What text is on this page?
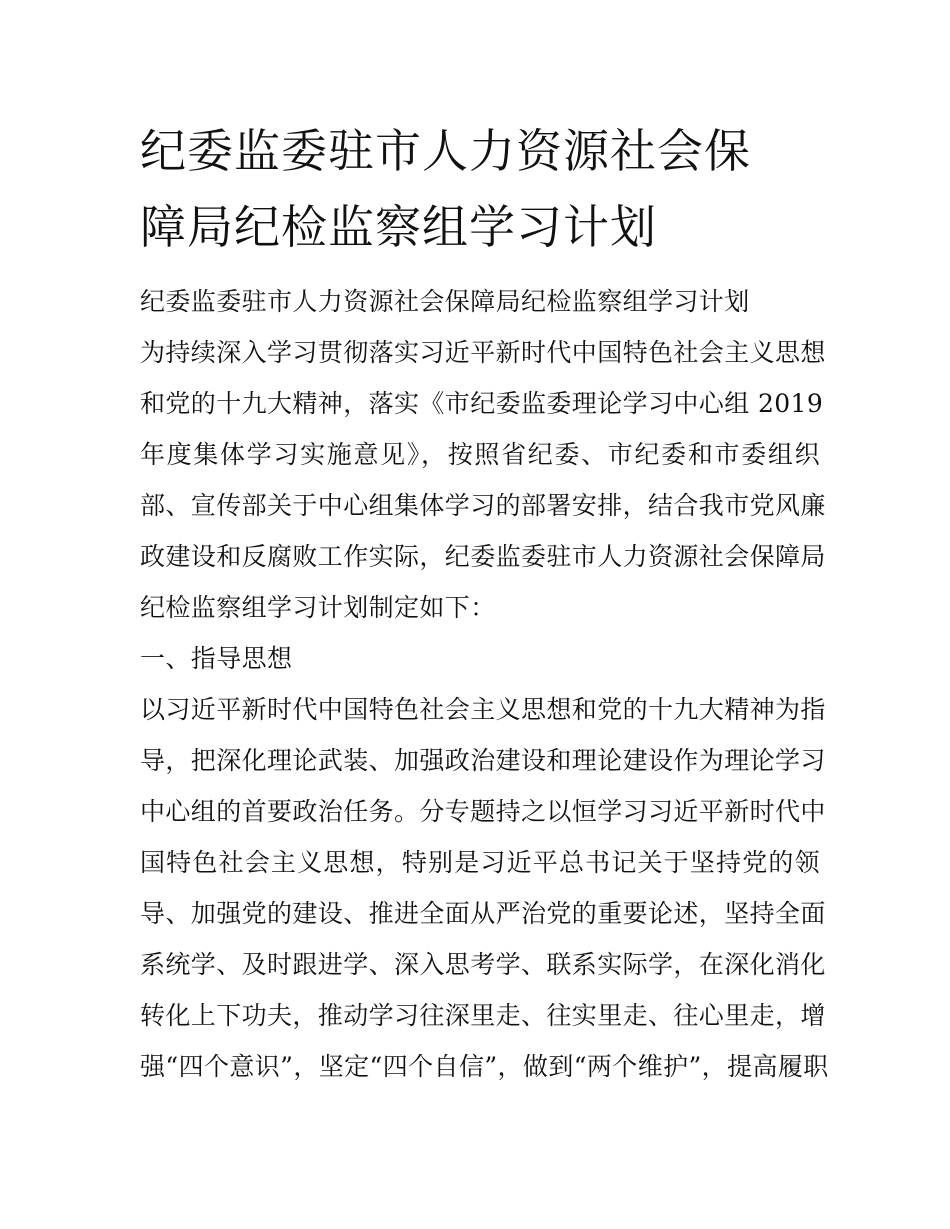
纪委监委驻市人力资源社会保
障局纪检监察组学习计划
纪委监委驻市人力资源社会保障局纪检监察组学习计划
为持续深入学习贯彻落实习近平新时代中国特色社会主义思想
和党的十九大精神，落实《市纪委监委理论学习中心组 2019
年度集体学习实施意见》，按照省纪委、市纪委和市委组织
部、宣传部关于中心组集体学习的部署安排，结合我市党风廉
政建设和反腐败工作实际，纪委监委驻市人力资源社会保障局
纪检监察组学习计划制定如下：
一、指导思想
以习近平新时代中国特色社会主义思想和党的十九大精神为指
导，把深化理论武装、加强政治建设和理论建设作为理论学习
中心组的首要政治任务。分专题持之以恒学习习近平新时代中
国特色社会主义思想，特别是习近平总书记关于坚持党的领
导、加强党的建设、推进全面从严治党的重要论述，坚持全面
系统学、及时跟进学、深入思考学、联系实际学，在深化消化
转化上下功夫，推动学习往深里走、往实里走、往心里走，增
强“四个意识”，坚定“四个自信”，做到“两个维护”，提高履职
